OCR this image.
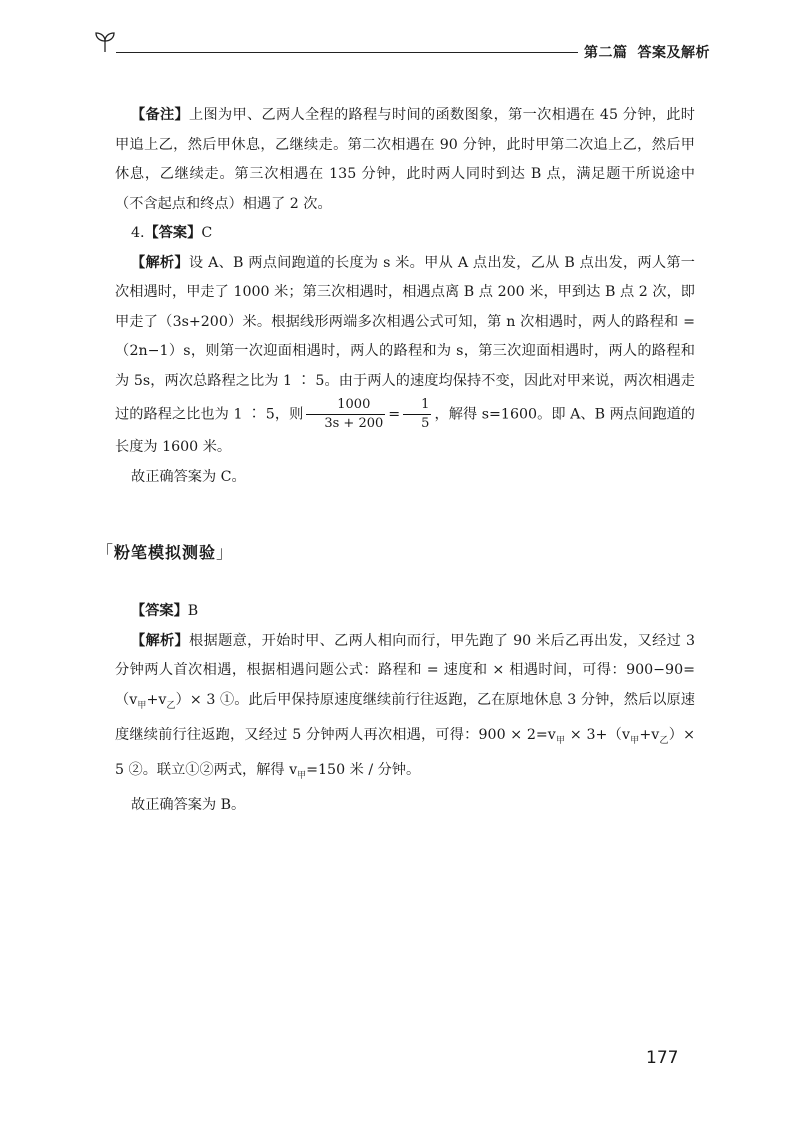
第二篇 答案及解析

【备注】上图为甲、乙两人全程的路程与时间的函数图象，第一次相遇在 45 分钟，此时甲追上乙，然后甲休息，乙继续走。第二次相遇在 90 分钟，此时甲第二次追上乙，然后甲休息，乙继续走。第三次相遇在 135 分钟，此时两人同时到达 B 点，满足题干所说途中（不含起点和终点）相遇了 2 次。

4.【答案】C

【解析】设 A、B 两点间跑道的长度为 s 米。甲从 A 点出发，乙从 B 点出发，两人第一次相遇时，甲走了 1000 米；第三次相遇时，相遇点离 B 点 200 米，甲到达 B 点 2 次，即甲走了（3s+200）米。根据线形两端多次相遇公式可知，第 n 次相遇时，两人的路程和 =（2n−1）s，则第一次迎面相遇时，两人的路程和为 s，第三次迎面相遇时，两人的路程和为 5s，两次总路程之比为 1 ∶ 5。由于两人的速度均保持不变，因此对甲来说，两次相遇走过的路程之比也为 1 ∶ 5，则 $\frac{1000}{3s + 200} = \frac{1}{5}$ ，解得 s=1600。即 A、B 两点间跑道的长度为 1600 米。

故正确答案为 C。

「粉笔模拟测验」

【答案】B

【解析】根据题意，开始时甲、乙两人相向而行，甲先跑了 90 米后乙再出发，又经过 3 分钟两人首次相遇，根据相遇问题公式：路程和 = 速度和 × 相遇时间，可得：$900-90=(v_甲+v_乙)\times 3$ ①。此后甲保持原速度继续前行往返跑，乙在原地休息 3 分钟，然后以原速度继续前行往返跑，又经过 5 分钟两人再次相遇，可得：$900 \times 2=v_甲 \times 3+(v_甲+v_乙)\times 5$ ②。联立①②两式，解得 $v_甲=150$ 米 / 分钟。

故正确答案为 B。

177
